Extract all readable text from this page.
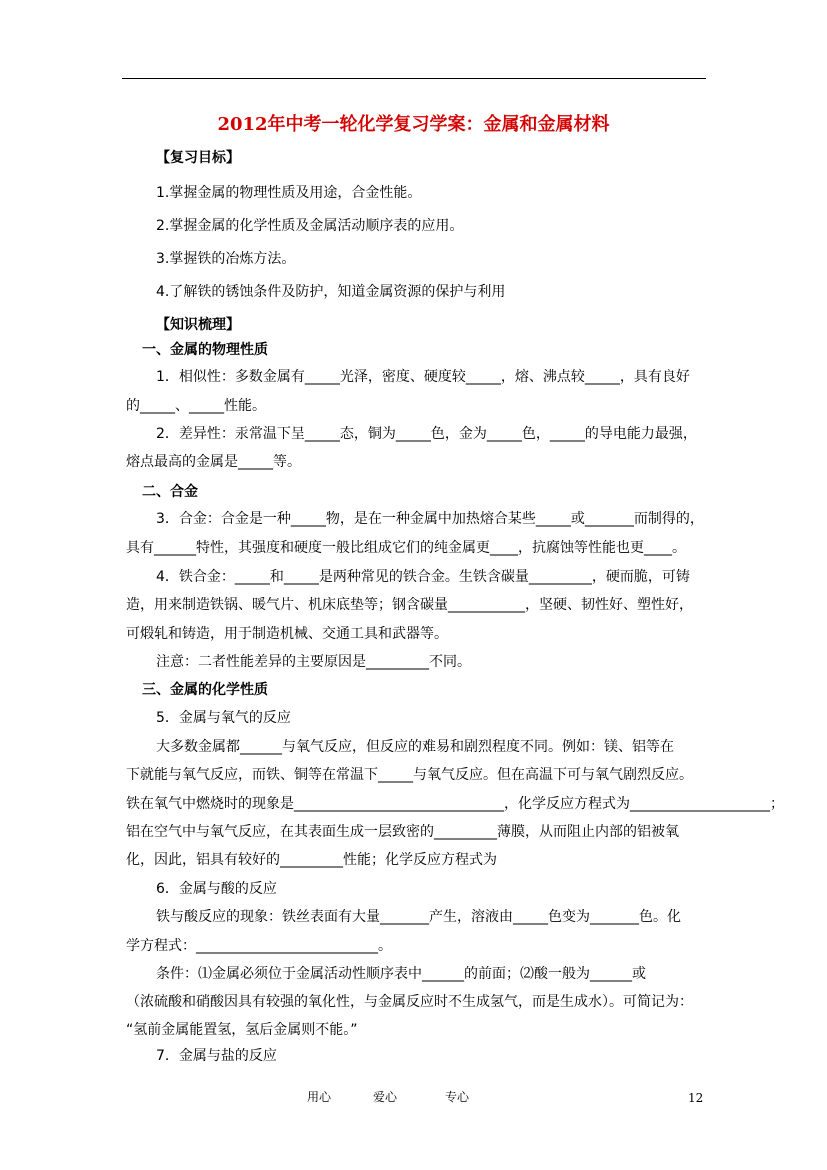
2012年中考一轮化学复习学案：金属和金属材料
【复习目标】
1.掌握金属的物理性质及用途，合金性能。
2.掌握金属的化学性质及金属活动顺序表的应用。
3.掌握铁的冶炼方法。
4.了解铁的锈蚀条件及防护，知道金属资源的保护与利用
【知识梳理】
一、金属的物理性质
1．相似性：多数金属有_____光泽，密度、硬度较_____，熔、沸点较_____，具有良好
的_____、_____性能。
2．差异性：汞常温下呈_____态，铜为_____色，金为_____色，_____的导电能力最强，
熔点最高的金属是_____等。
二、合金
3．合金：合金是一种_____物，是在一种金属中加热熔合某些_____或_______而制得的，
具有______特性，其强度和硬度一般比组成它们的纯金属更____，抗腐蚀等性能也更____。
4．铁合金：_____和_____是两种常见的铁合金。生铁含碳量_________，硬而脆，可铸
造，用来制造铁锅、暖气片、机床底垫等；钢含碳量___________，坚硬、韧性好、塑性好，
可煅轧和铸造，用于制造机械、交通工具和武器等。
注意：二者性能差异的主要原因是_________不同。
三、金属的化学性质
5．金属与氧气的反应
大多数金属都______与氧气反应，但反应的难易和剧烈程度不同。例如：镁、铝等在
下就能与氧气反应，而铁、铜等在常温下_____与氧气反应。但在高温下可与氧气剧烈反应。
铁在氧气中燃烧时的现象是______________________________，化学反应方程式为____________________；
铝在空气中与氧气反应，在其表面生成一层致密的_________薄膜，从而阻止内部的铝被氧
化，因此，铝具有较好的_________性能；化学反应方程式为
6．金属与酸的反应
铁与酸反应的现象：铁丝表面有大量_______产生，溶液由_____色变为_______色。化
学方程式：__________________________。
条件：⑴金属必须位于金属活动性顺序表中______的前面；⑵酸一般为______或
（浓硫酸和硝酸因具有较强的氧化性，与金属反应时不生成氢气，而是生成水）。可简记为：
“氢前金属能置氢，氢后金属则不能。”
7．金属与盐的反应
用心	爱心	专心	12
